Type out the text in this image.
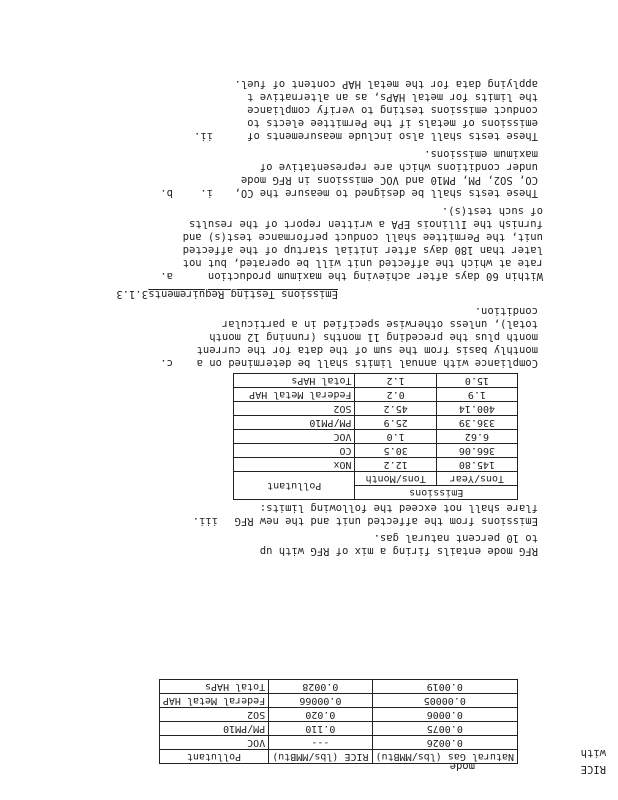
RICE
mode
with
Natural Gas (lbs/MMBtu)	RICE (lbs/MMBtu)	Pollutant
0.0026	---	VOC
0.0075	0.110	PM/PM10
0.0006	0.020	SO2
0.00005	0.00066	Federal Metal HAP
0.0019	0.0028	Total HAPs
RFG mode entails firing a mix of RFG with up
to 10 percent natural gas.
Emissions from the affected unit and the new RFG
iii.
flare shall not exceed the following limits:
Emissions		Pollutant
Tons/Year	Tons/Month	
145.80	12.2	NOx
366.06	30.5	CO
6.62	1.0	VOC
336.39	25.9	PM/PM10
400.14	45.2	SO2
1.9	0.2	Federal Metal HAP
15.0	1.2	Total HAPs
c. Compliance with annual limits shall be determined on a
monthly basis from the sum of the data for the current
month plus the preceding 11 months (running 12 month
total), unless otherwise specified in a particular
condition.
3.1.3 Emissions Testing Requirements
a.	Within 60 days after achieving the maximum production
rate at which the affected unit will be operated, but not
later than 180 days after initial startup of the affected
unit, the Permittee shall conduct performance test(s) and
furnish the Illinois EPA a written report of the results
of such test(s).
b.	i. These tests shall be designed to measure the CO,
CO, SO2, PM, PM10 and VOC emissions in RFG mode
under conditions which are representative of
maximum emissions.
ii.	These tests shall also include measurements of
emissions of metals if the Permittee elects to
conduct emissions testing to verify compliance
the limits for metal HAPs, as an alternative t
applying data for the metal HAP content of fuel.
